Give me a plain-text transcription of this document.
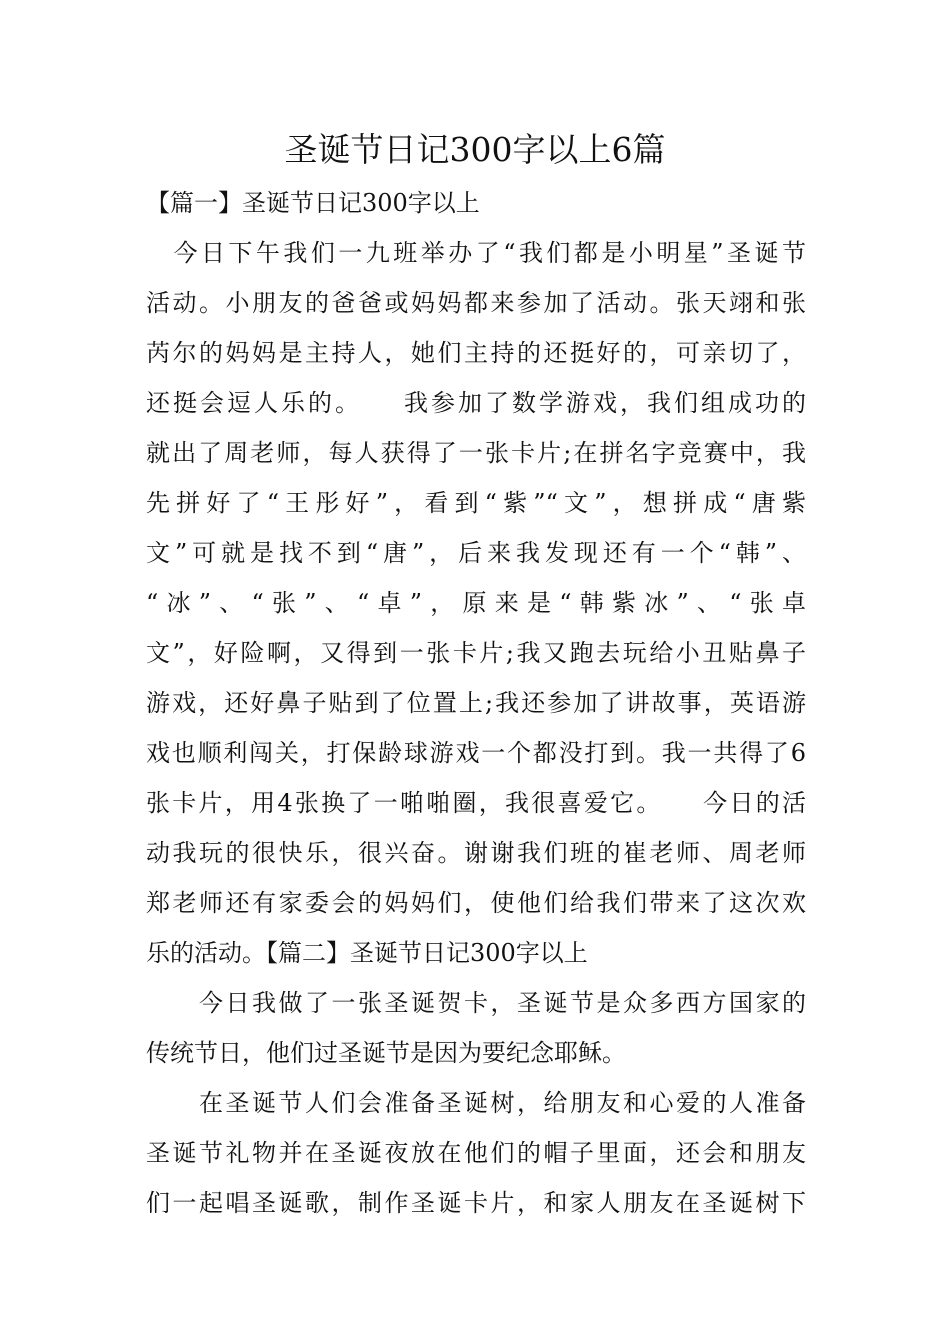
圣诞节日记300字以上6篇
【篇一】圣诞节日记300字以上
　今日下午我们一九班举办了“我们都是小明星”圣诞节
活动。小朋友的爸爸或妈妈都来参加了活动。张天翊和张
芮尔的妈妈是主持人，她们主持的还挺好的，可亲切了，
还挺会逗人乐的。　　我参加了数学游戏，我们组成功的
就出了周老师，每人获得了一张卡片;在拼名字竞赛中，我
先拼好了“王彤好”，看到“紫”“文”，想拼成“唐紫
文”可就是找不到“唐”，后来我发现还有一个“韩”、
“冰”、“张”、“卓”，原来是“韩紫冰”、“张卓
文”，好险啊，又得到一张卡片;我又跑去玩给小丑贴鼻子
游戏，还好鼻子贴到了位置上;我还参加了讲故事，英语游
戏也顺利闯关，打保龄球游戏一个都没打到。我一共得了6
张卡片，用4张换了一啪啪圈，我很喜爱它。　　今日的活
动我玩的很快乐，很兴奋。谢谢我们班的崔老师、周老师
郑老师还有家委会的妈妈们，使他们给我们带来了这次欢
乐的活动。【篇二】圣诞节日记300字以上
　　今日我做了一张圣诞贺卡，圣诞节是众多西方国家的
传统节日，他们过圣诞节是因为要纪念耶稣。
　　在圣诞节人们会准备圣诞树，给朋友和心爱的人准备
圣诞节礼物并在圣诞夜放在他们的帽子里面，还会和朋友
们一起唱圣诞歌，制作圣诞卡片，和家人朋友在圣诞树下
